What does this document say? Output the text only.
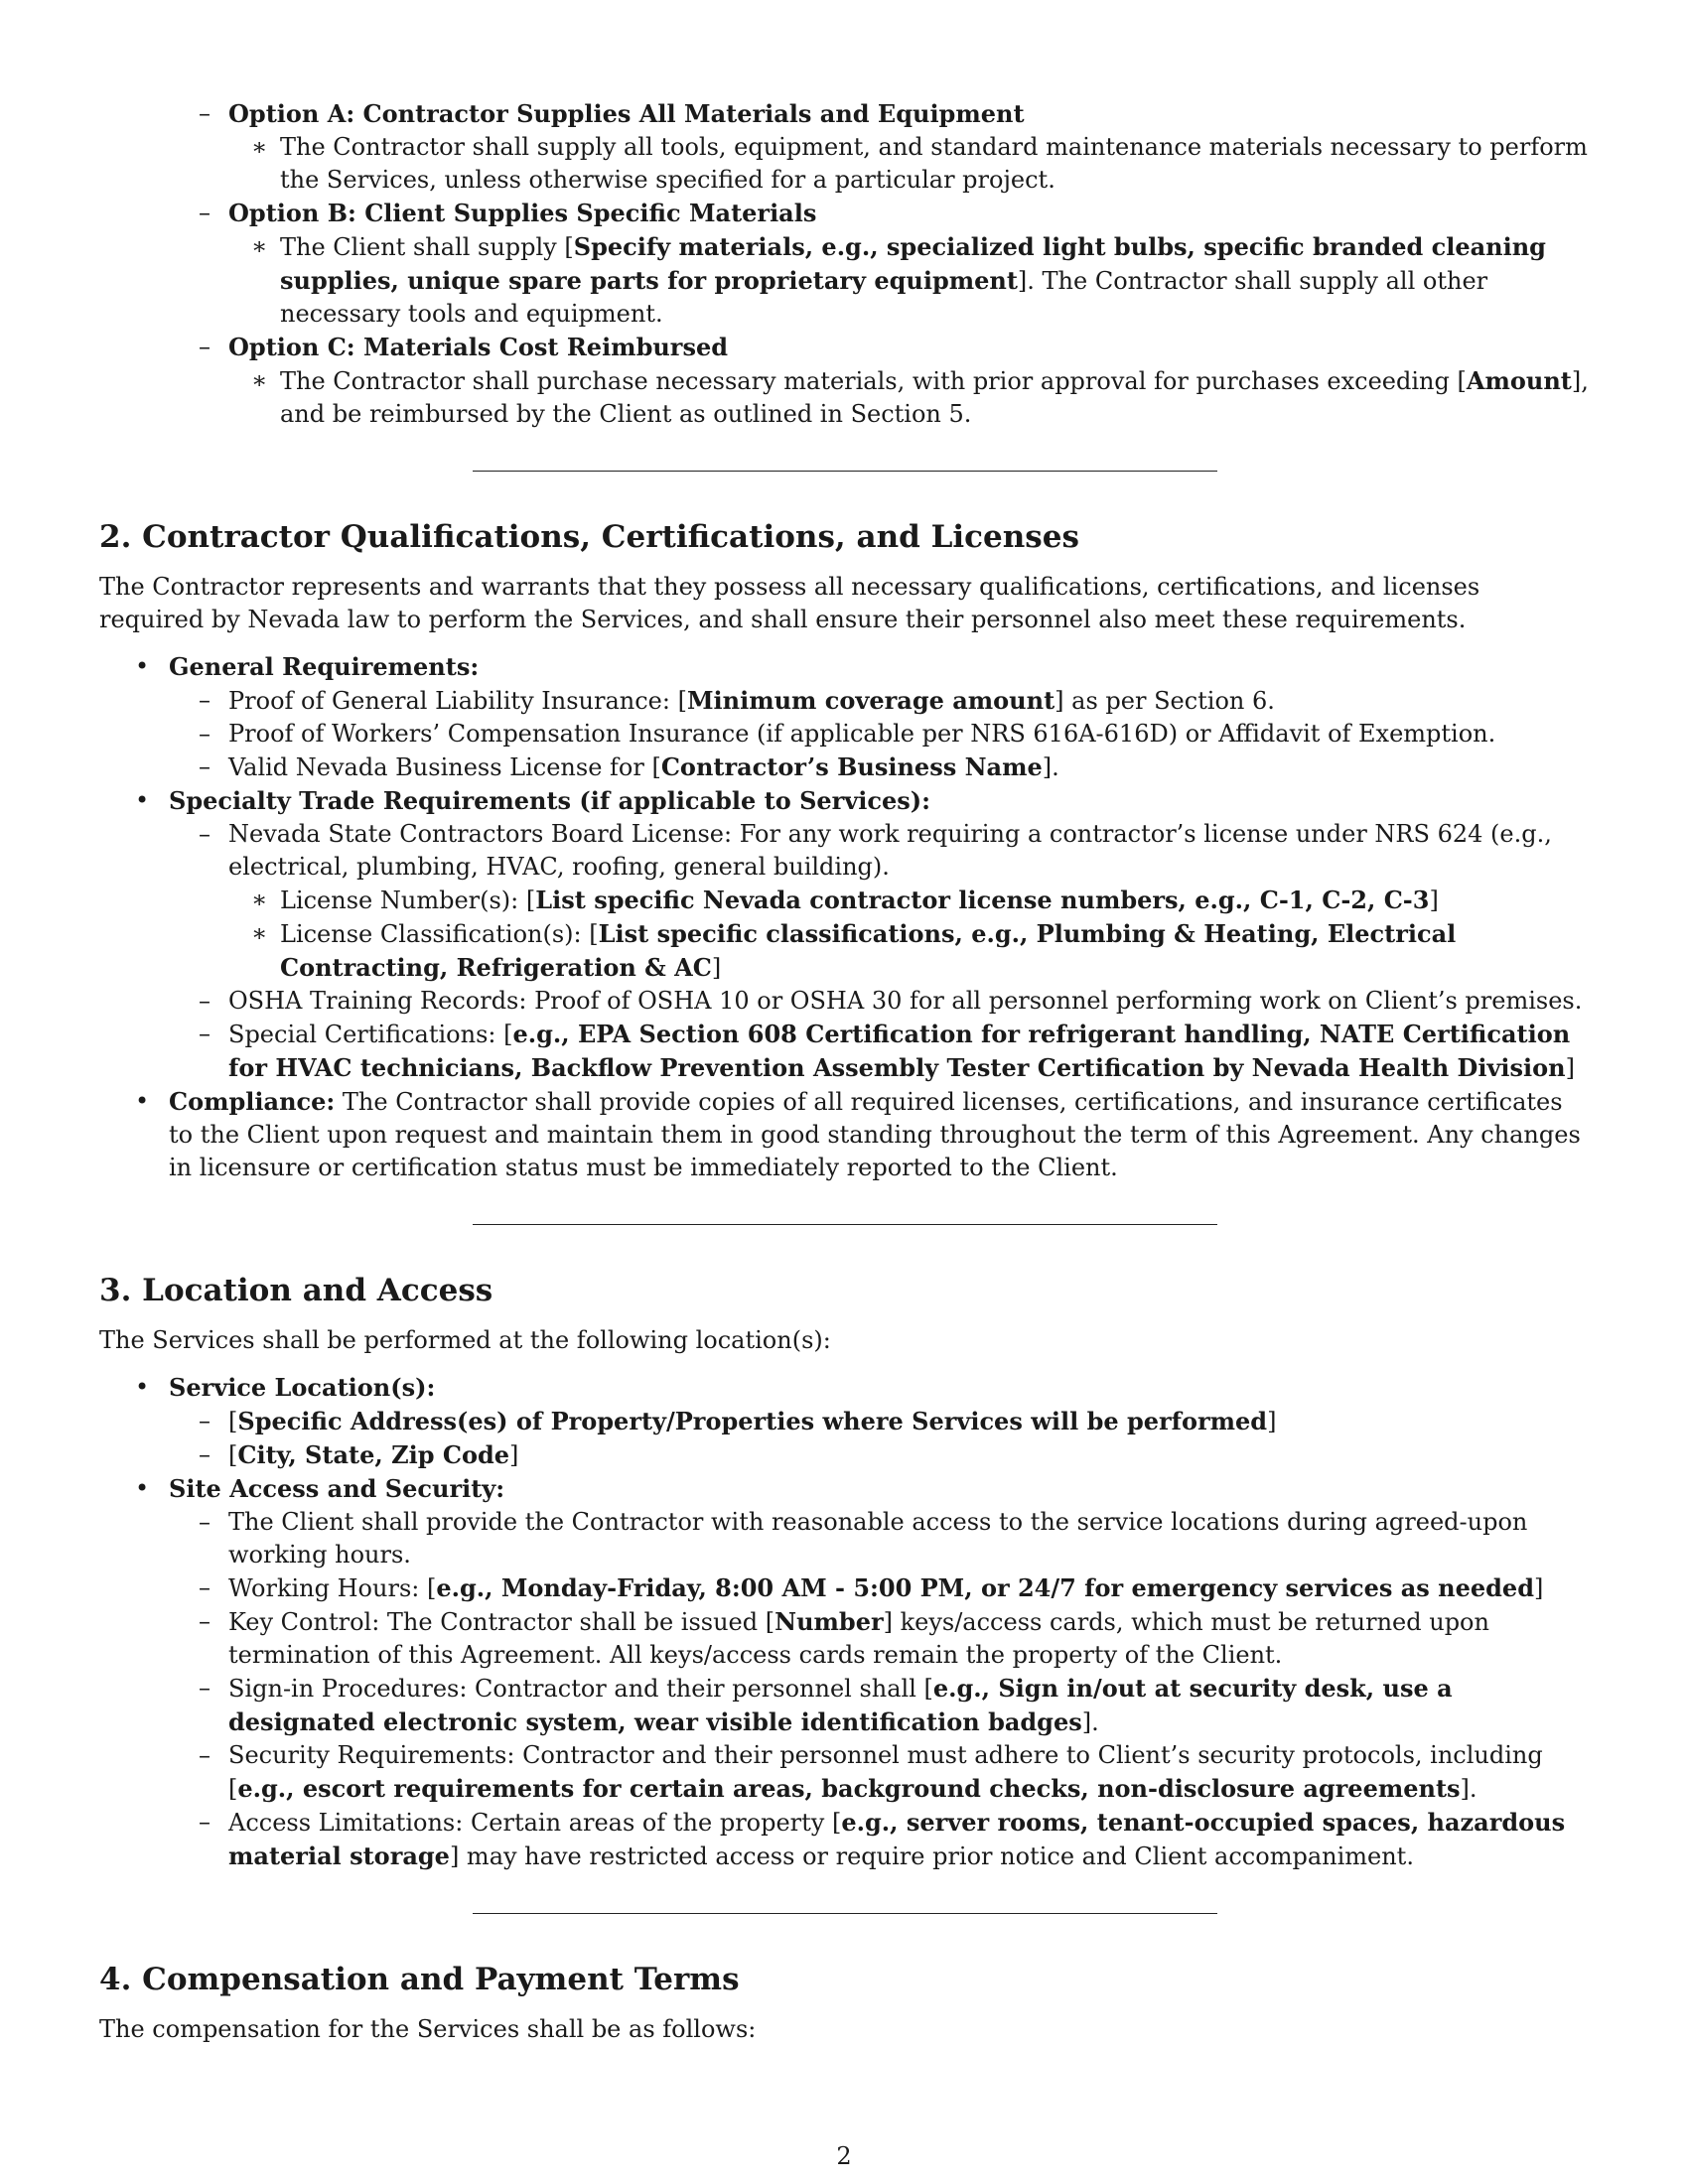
– Option A: Contractor Supplies All Materials and Equipment

∗ The Contractor shall supply all tools, equipment, and standard maintenance materials necessary to perform the Services, unless otherwise specified for a particular project.

– Option B: Client Supplies Specific Materials

∗ The Client shall supply [Specify materials, e.g., specialized light bulbs, specific branded cleaning supplies, unique spare parts for proprietary equipment]. The Contractor shall supply all other necessary tools and equipment.

– Option C: Materials Cost Reimbursed

∗ The Contractor shall purchase necessary materials, with prior approval for purchases exceeding [Amount], and be reimbursed by the Client as outlined in Section 5.

2. Contractor Qualifications, Certifications, and Licenses

The Contractor represents and warrants that they possess all necessary qualifications, certifications, and licenses required by Nevada law to perform the Services, and shall ensure their personnel also meet these requirements.

• General Requirements:

– Proof of General Liability Insurance: [Minimum coverage amount] as per Section 6.

– Proof of Workers’ Compensation Insurance (if applicable per NRS 616A-616D) or Affidavit of Exemption.

– Valid Nevada Business License for [Contractor’s Business Name].

• Specialty Trade Requirements (if applicable to Services):

– Nevada State Contractors Board License: For any work requiring a contractor’s license under NRS 624 (e.g., electrical, plumbing, HVAC, roofing, general building).

∗ License Number(s): [List specific Nevada contractor license numbers, e.g., C-1, C-2, C-3]

∗ License Classification(s): [List specific classifications, e.g., Plumbing & Heating, Electrical Contracting, Refrigeration & AC]

– OSHA Training Records: Proof of OSHA 10 or OSHA 30 for all personnel performing work on Client’s premises.

– Special Certifications: [e.g., EPA Section 608 Certification for refrigerant handling, NATE Certification for HVAC technicians, Backflow Prevention Assembly Tester Certification by Nevada Health Division]

• Compliance: The Contractor shall provide copies of all required licenses, certifications, and insurance certificates to the Client upon request and maintain them in good standing throughout the term of this Agreement. Any changes in licensure or certification status must be immediately reported to the Client.

3. Location and Access

The Services shall be performed at the following location(s):

• Service Location(s):

– [Specific Address(es) of Property/Properties where Services will be performed]

– [City, State, Zip Code]

• Site Access and Security:

– The Client shall provide the Contractor with reasonable access to the service locations during agreed-upon working hours.

– Working Hours: [e.g., Monday-Friday, 8:00 AM - 5:00 PM, or 24/7 for emergency services as needed]

– Key Control: The Contractor shall be issued [Number] keys/access cards, which must be returned upon termination of this Agreement. All keys/access cards remain the property of the Client.

– Sign-in Procedures: Contractor and their personnel shall [e.g., Sign in/out at security desk, use a designated electronic system, wear visible identification badges].

– Security Requirements: Contractor and their personnel must adhere to Client’s security protocols, including [e.g., escort requirements for certain areas, background checks, non-disclosure agreements].

– Access Limitations: Certain areas of the property [e.g., server rooms, tenant-occupied spaces, hazardous material storage] may have restricted access or require prior notice and Client accompaniment.

4. Compensation and Payment Terms

The compensation for the Services shall be as follows:

2
